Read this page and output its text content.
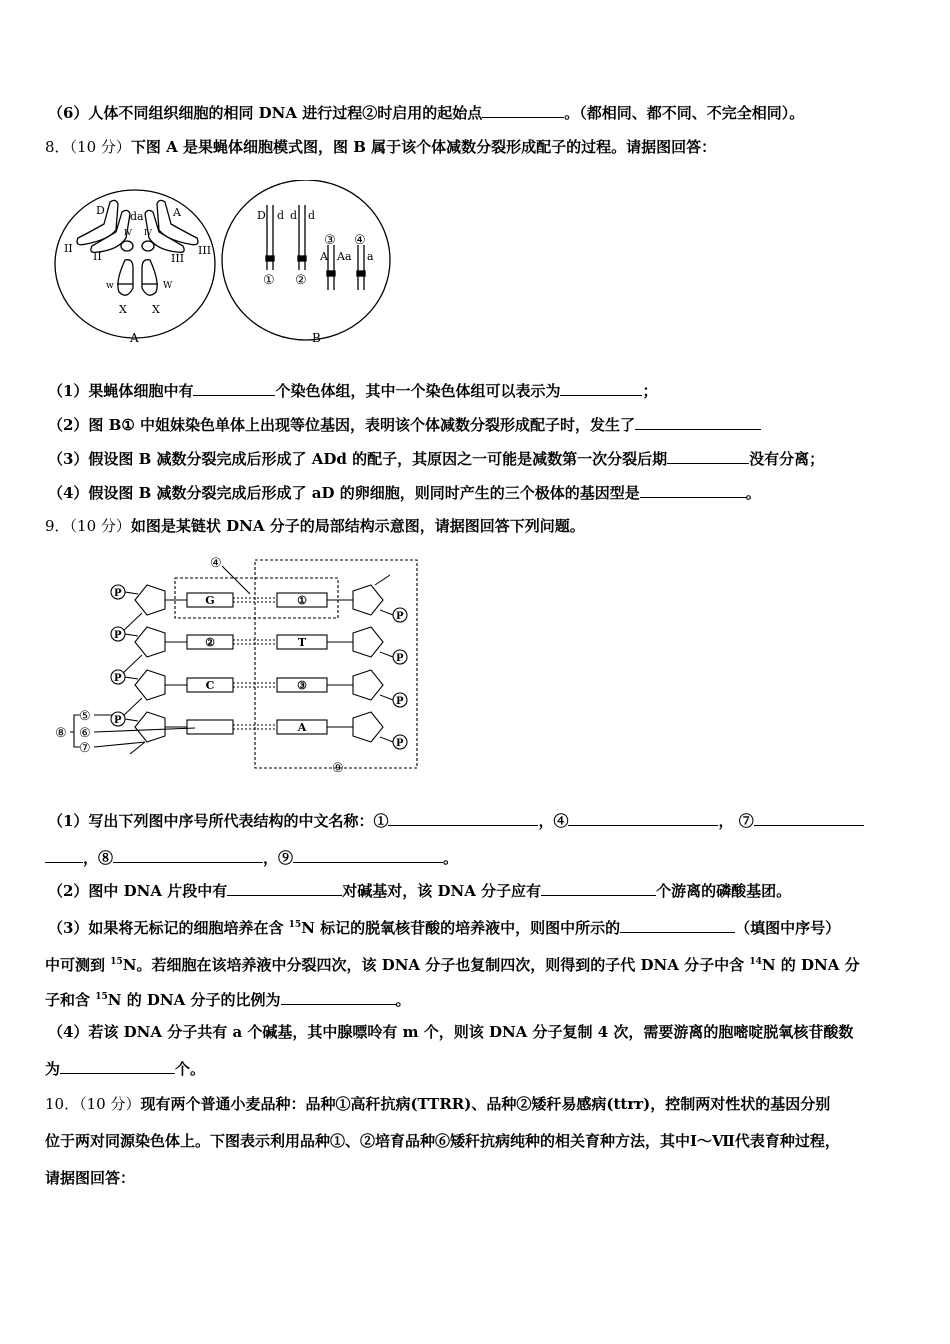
（6）人体不同组织细胞的相同 DNA 进行过程②时启用的起始点	。（都相同、都不同、不完全相同）。
8．（10 分）下图 A 是果蝇体细胞模式图，图 B 属于该个体减数分裂形成配子的过程。请据图回答：
D da	A
II
II	III
III
Ⅳ Ⅳ
w	W
X X
A
D d d d
① ②
③ ④
A Aa a
B
（1）果蝇体细胞中有	个染色体组，其中一个染色体组可以表示为	；
（2）图 B① 中姐妹染色单体上出现等位基因，表明该个体减数分裂形成配子时，发生了
（3）假设图 B 减数分裂完成后形成了 ADd 的配子，其原因之一可能是减数第一次分裂后期	没有分离；
（4）假设图 B 减数分裂完成后形成了 aD 的卵细胞，则同时产生的三个极体的基因型是	。
9．（10 分）如图是某链状 DNA 分子的局部结构示意图，请据图回答下列问题。
P
P
G	①
P
P
②	T
P
P
C	③
P
P
A
④
⑤
⑥
⑦
⑧
⑨
（1）写出下列图中序号所代表结构的中文名称：①	，④	， ⑦
，⑧	，⑨	。
（2）图中 DNA 片段中有	对碱基对，该 DNA 分子应有	个游离的磷酸基团。
（3）如果将无标记的细胞培养在含 $^{15}$N 标记的脱氧核苷酸的培养液中，则图中所示的	（填图中序号）
中可测到 $^{15}$N。若细胞在该培养液中分裂四次，该 DNA 分子也复制四次，则得到的子代 DNA 分子中含 $^{14}$N 的 DNA 分
子和含 $^{15}$N 的 DNA 分子的比例为	。
（4）若该 DNA 分子共有 a 个碱基，其中腺嘌呤有 m 个，则该 DNA 分子复制 4 次，需要游离的胞嘧啶脱氧核苷酸数
为	个。
10．（10 分）现有两个普通小麦品种：品种①高秆抗病(TTRR)、品种②矮秆易感病(ttrr)，控制两对性状的基因分别
位于两对同源染色体上。下图表示利用品种①、②培育品种⑥矮秆抗病纯种的相关育种方法，其中Ⅰ～Ⅶ代表育种过程，
请据图回答：
